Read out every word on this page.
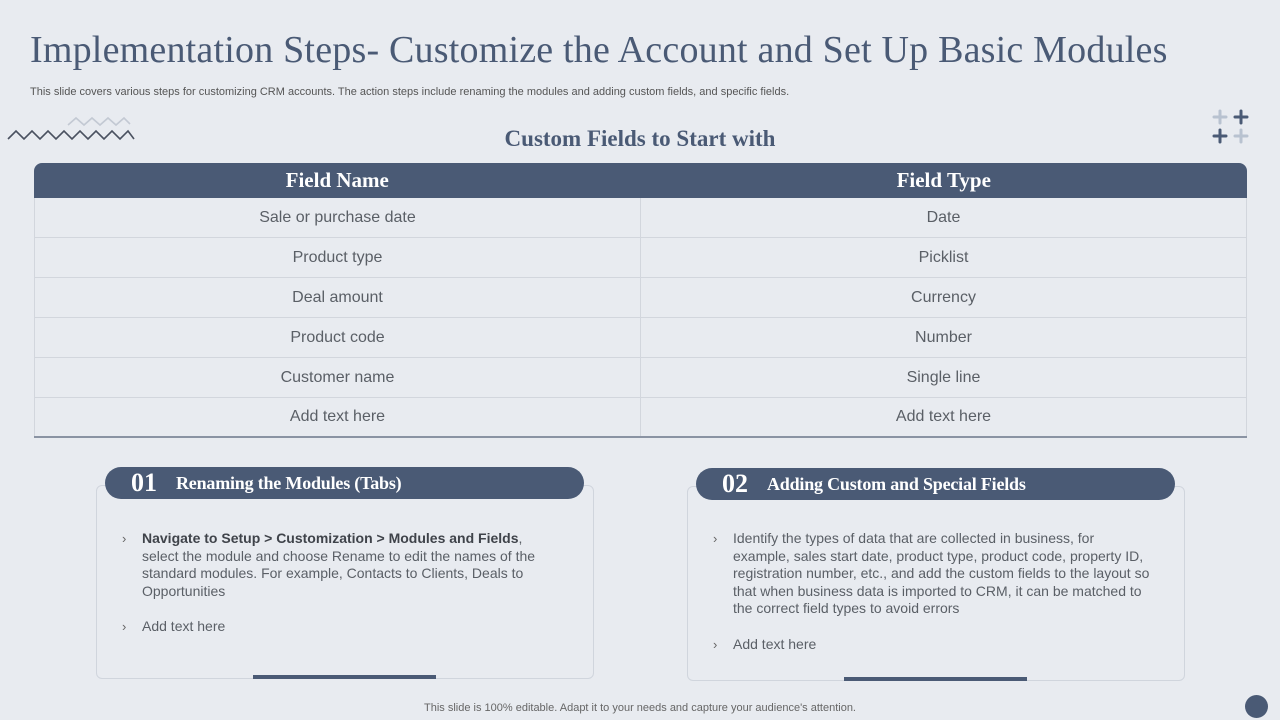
Implementation Steps- Customize the Account and Set Up Basic Modules
This slide covers various steps for customizing CRM accounts. The action steps include renaming the modules and adding custom fields, and specific fields.
Custom Fields to Start with
Field Name	Field Type
Sale or purchase date	Date
Product type	Picklist
Deal amount	Currency
Product code	Number
Customer name	Single line
Add text here	Add text here
01	Renaming the Modules (Tabs)
›	Navigate to Setup > Customization > Modules and Fields, select the module and choose Rename to edit the names of the standard modules. For example, Contacts to Clients, Deals to Opportunities
›	Add text here
02	Adding Custom and Special Fields
›	Identify the types of data that are collected in business, for example, sales start date, product type, product code, property ID, registration number, etc., and add the custom fields to the layout so that when business data is imported to CRM, it can be matched to the correct field types to avoid errors
›	Add text here
This slide is 100% editable. Adapt it to your needs and capture your audience's attention.
